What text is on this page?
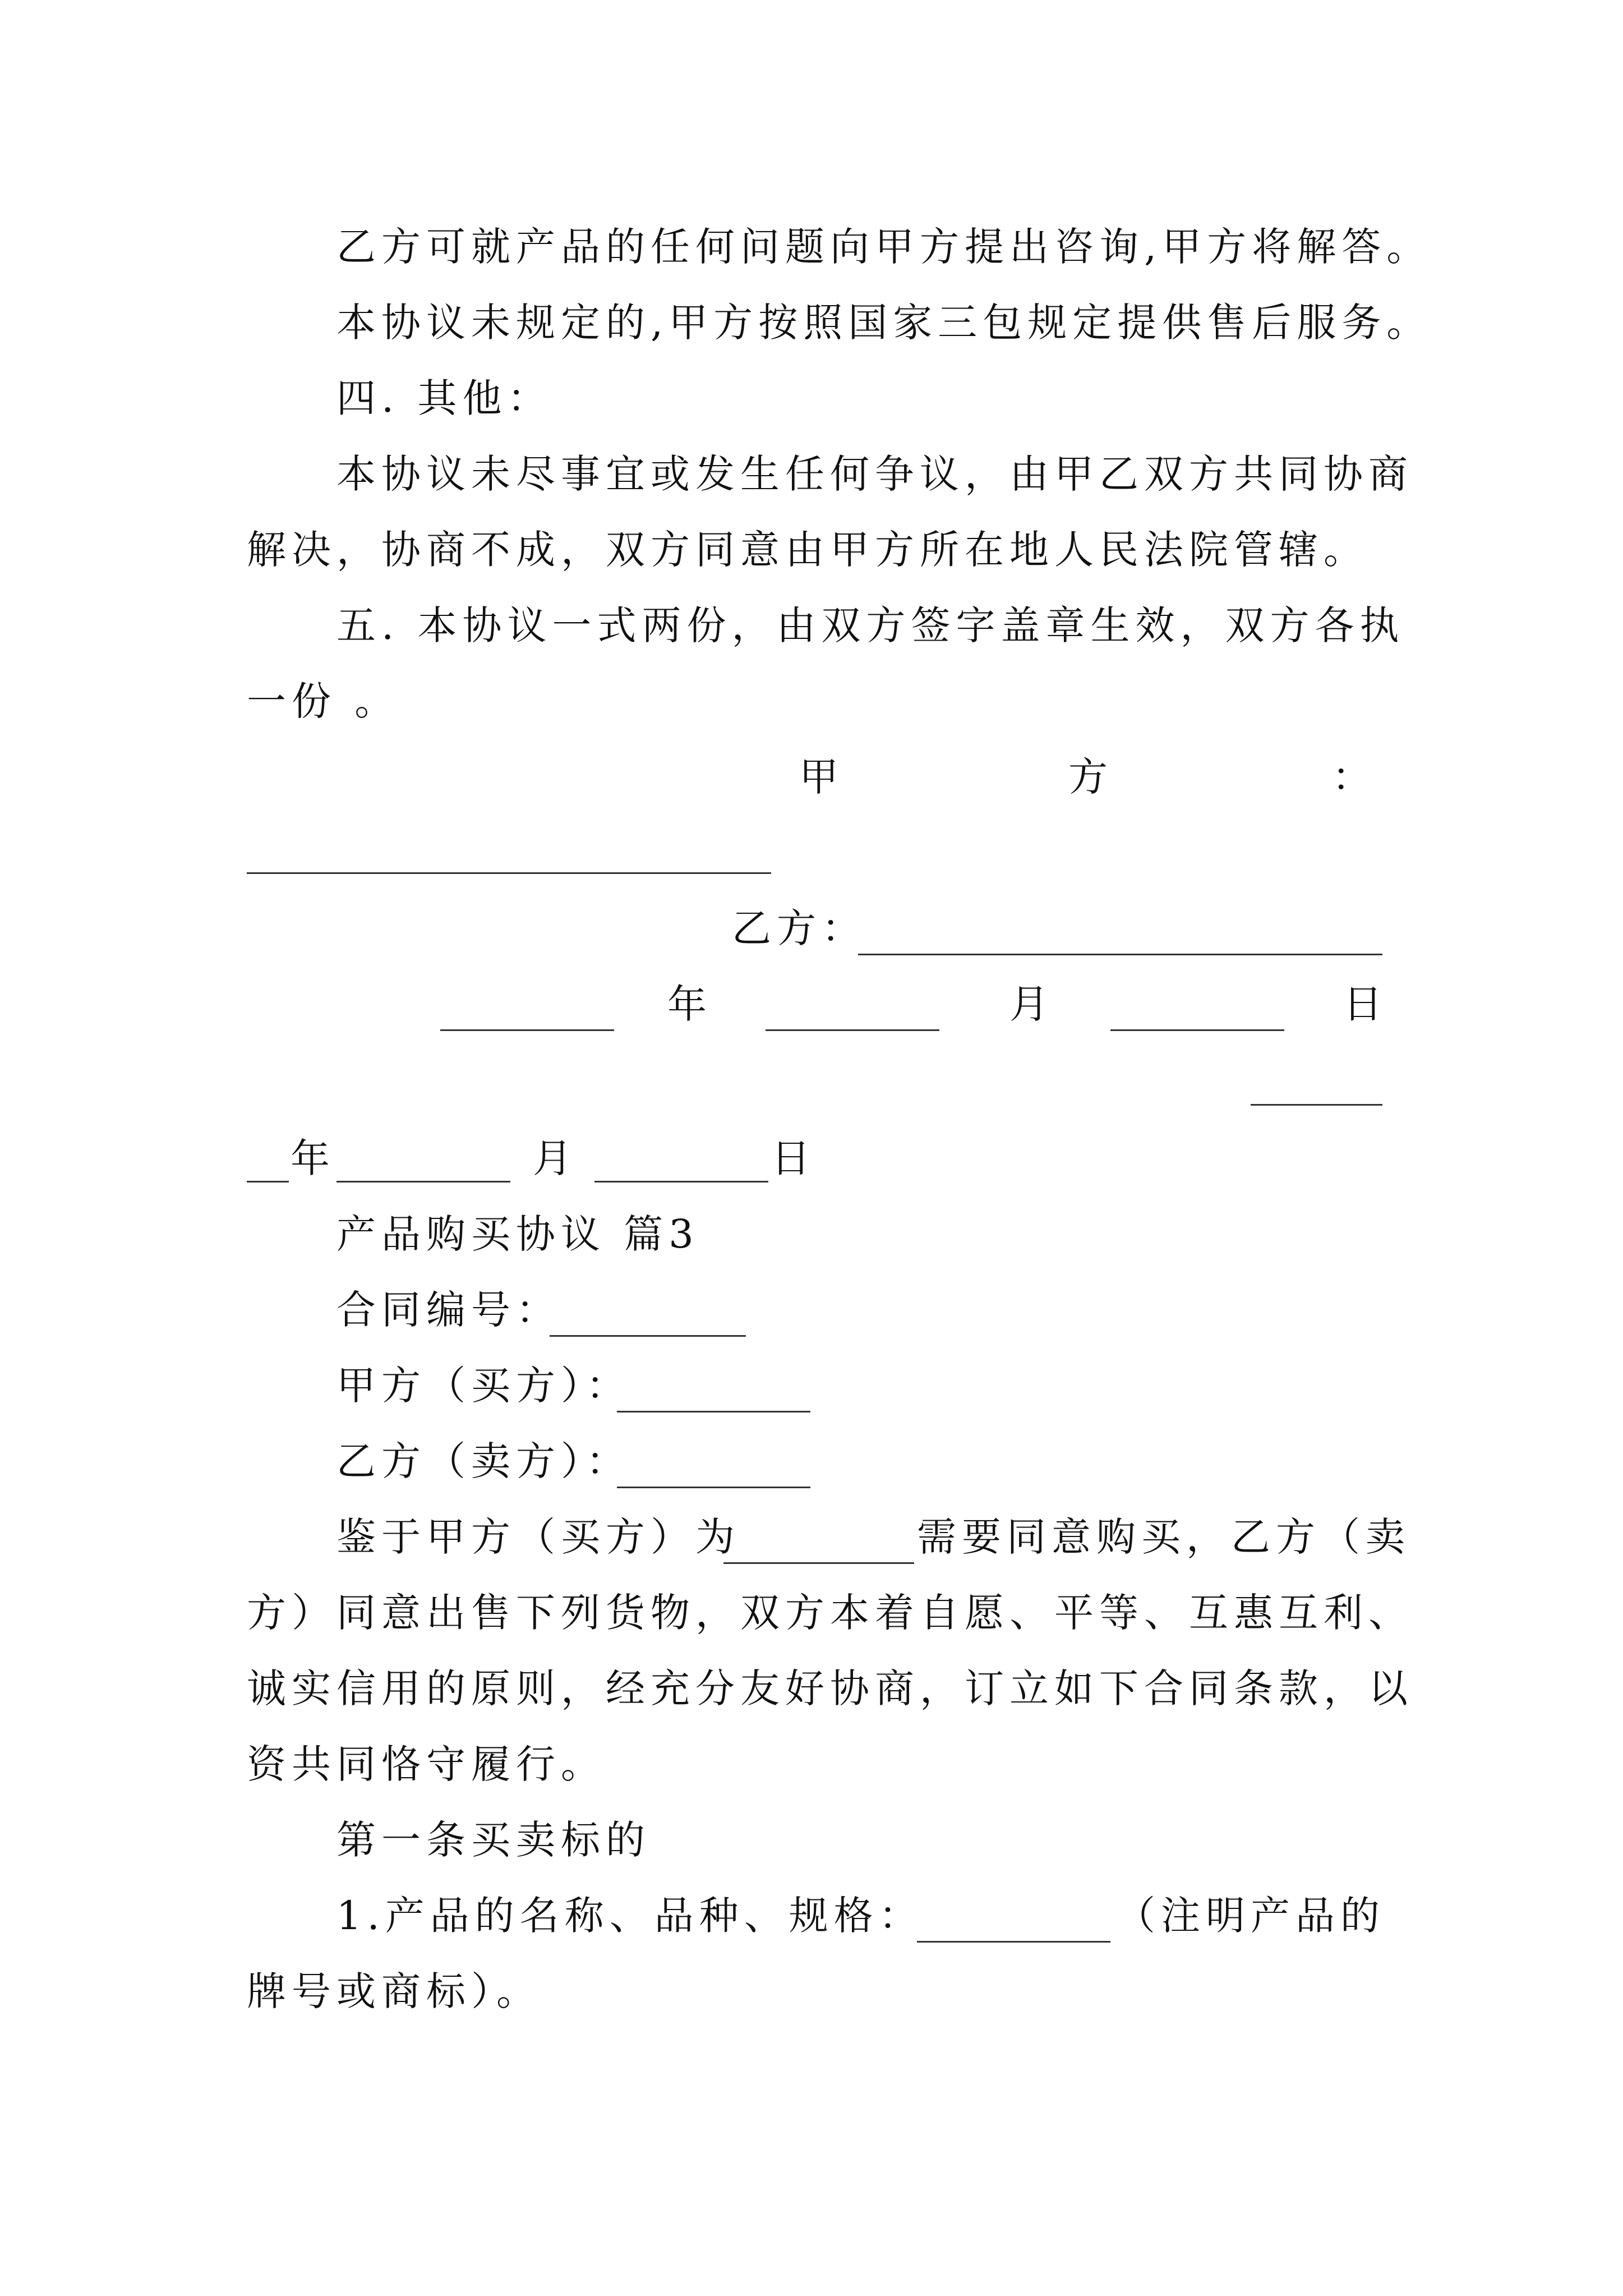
乙方可就产品的任何问题向甲方提出咨询,甲方将解答。
本协议未规定的,甲方按照国家三包规定提供售后服务。
四. 其他：
本协议未尽事宜或发生任何争议，由甲乙双方共同协商
解决，协商不成，双方同意由甲方所在地人民法院管辖。
五. 本协议一式两份，由双方签字盖章生效，双方各执
一份 。
甲	方	：
乙方：
年	月	日
年	月	日
产品购买协议 篇3
合同编号：
甲方（买方）：
乙方（卖方）：
鉴于甲方（买方）为	需要同意购买，乙方（卖
方）同意出售下列货物，双方本着自愿、平等、互惠互利、
诚实信用的原则，经充分友好协商，订立如下合同条款，以
资共同恪守履行。
第一条买卖标的
1.产品的名称、品种、规格：	（注明产品的
牌号或商标）。
